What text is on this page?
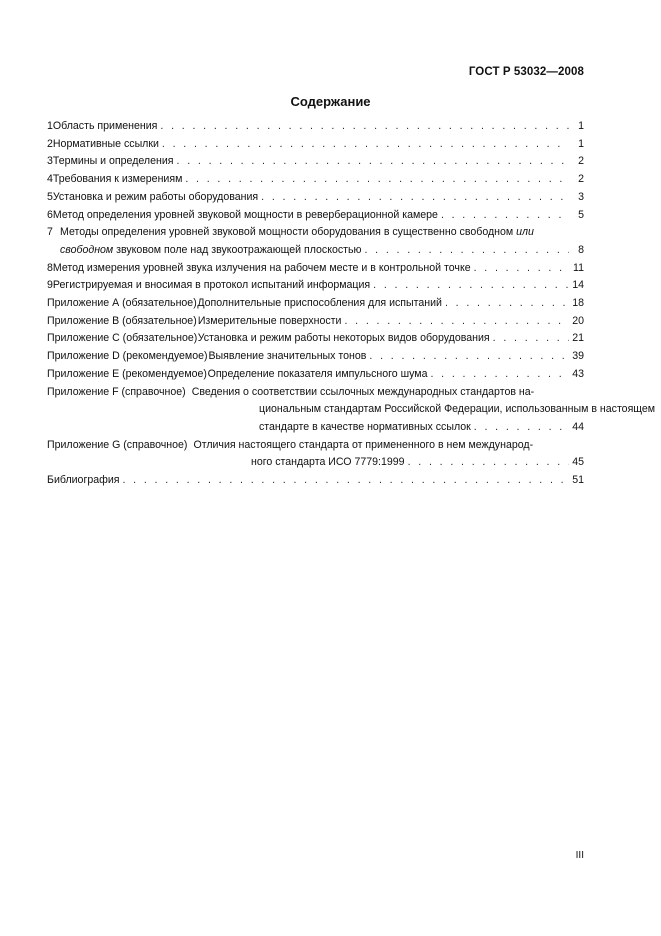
ГОСТ Р 53032—2008
Содержание
1 Область применения . . .	1
2 Нормативные ссылки . . .	1
3 Термины и определения . . .	2
4 Требования к измерениям . . .	2
5 Установка и режим работы оборудования . . .	3
6 Метод определения уровней звуковой мощности в реверберационной камере . . .	5
7 Методы определения уровней звуковой мощности оборудования в существенно свободном или
свободном звуковом поле над звукоотражающей плоскостью . . .	8
8 Метод измерения уровней звука излучения на рабочем месте и в контрольной точке . . .	11
9 Регистрируемая и вносимая в протокол испытаний информация . . .	14
Приложение А (обязательное) Дополнительные приспособления для испытаний . . .	18
Приложение В (обязательное) Измерительные поверхности . . .	20
Приложение С (обязательное) Установка и режим работы некоторых видов оборудования . . .	21
Приложение D (рекомендуемое) Выявление значительных тонов . . .	39
Приложение Е (рекомендуемое) Определение показателя импульсного шума . . .	43
Приложение F (справочное) Сведения о соответствии ссылочных международных стандартов на-
циональным стандартам Российской Федерации, использованным в настоящем
стандарте в качестве нормативных ссылок . . .	44
Приложение G (справочное) Отличия настоящего стандарта от примененного в нем международ-
ного стандарта ИСО 7779:1999 . . .	45
Библиография . . .	51
III
